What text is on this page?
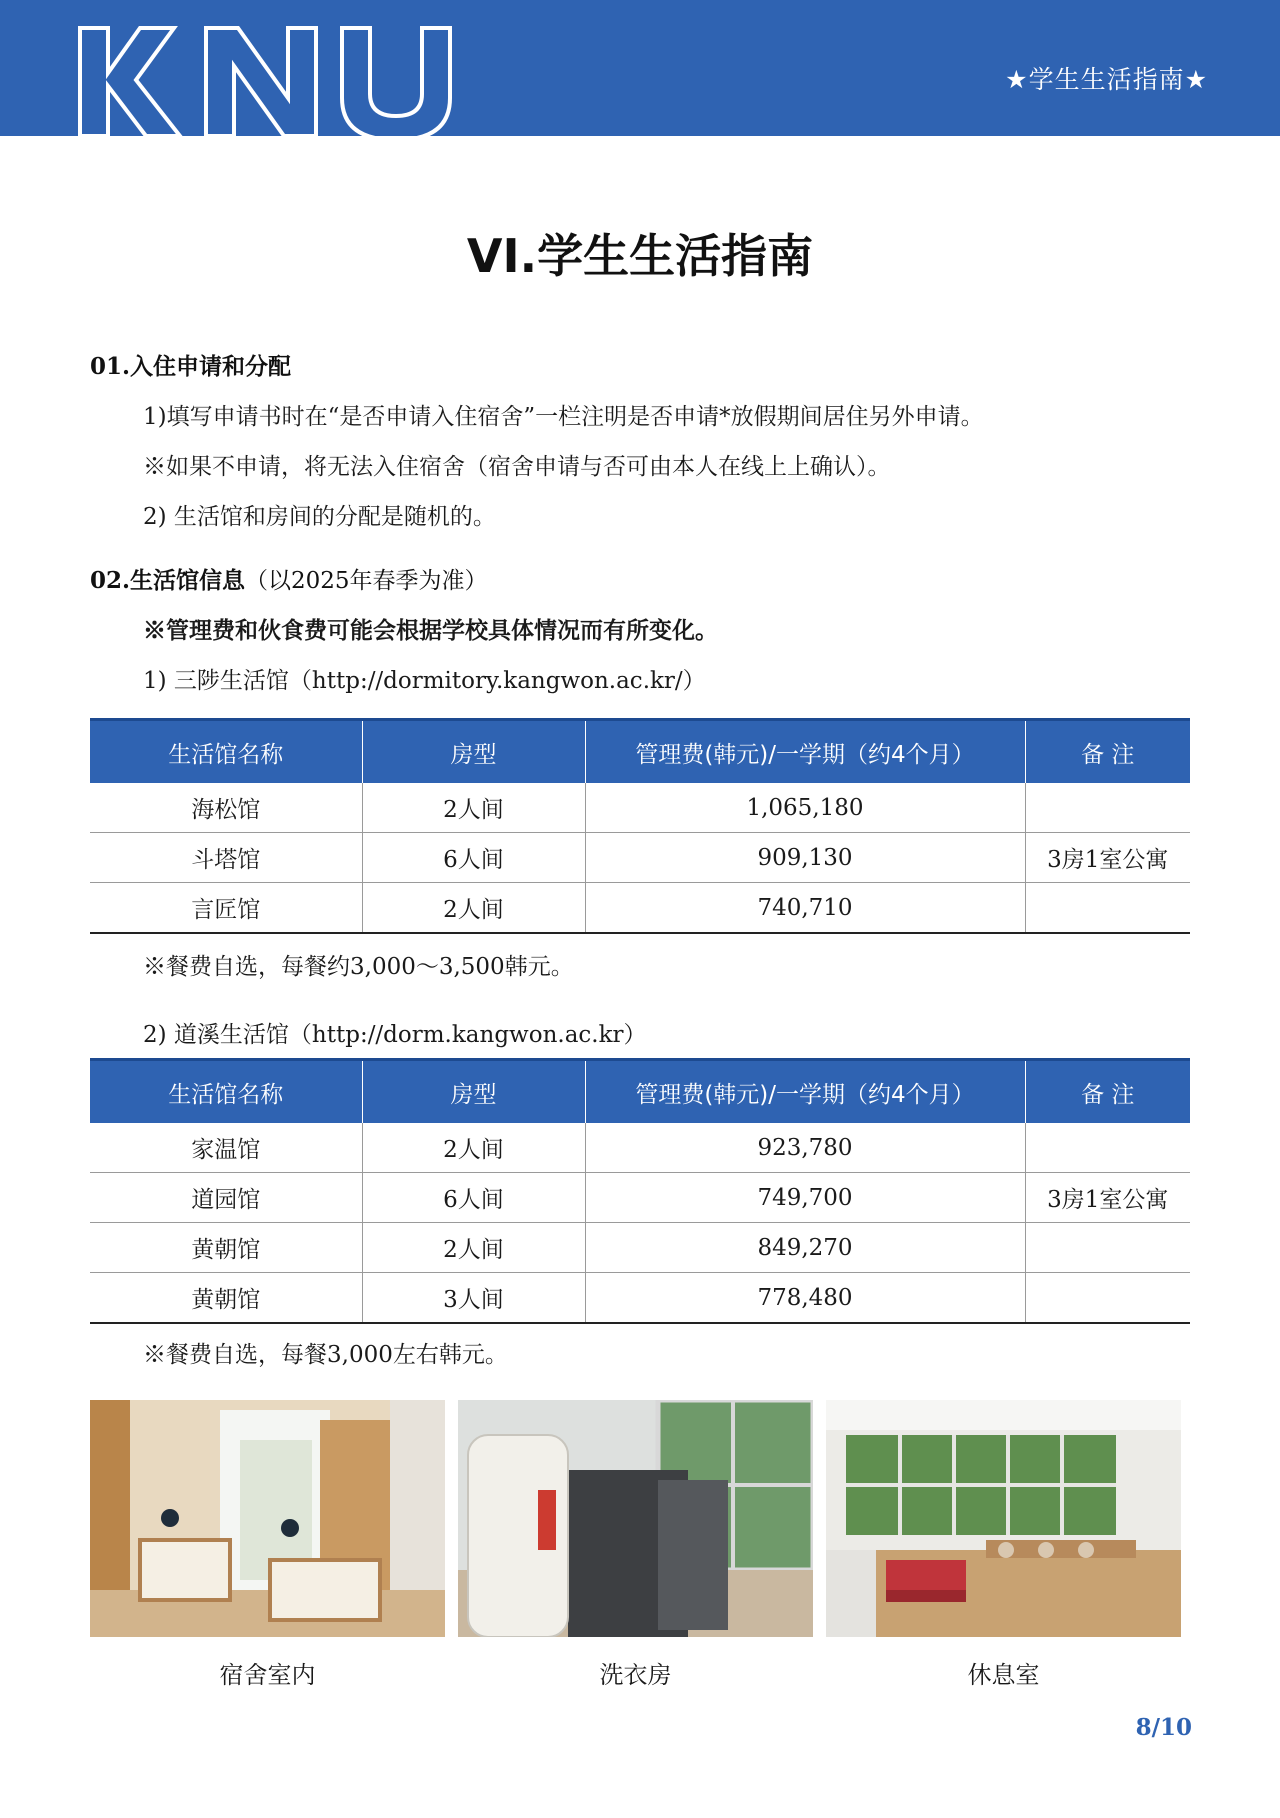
★学生生活指南★
VI.学生生活指南
01.入住申请和分配
1)填写申请书时在“是否申请入住宿舍”一栏注明是否申请*放假期间居住另外申请。
※如果不申请，将无法入住宿舍（宿舍申请与否可由本人在线上上确认）。
2) 生活馆和房间的分配是随机的。
02.生活馆信息（以2025年春季为准）
※管理费和伙食费可能会根据学校具体情况而有所变化。
1) 三陟生活馆（http://dormitory.kangwon.ac.kr/）
生活馆名称	房型	管理费(韩元)/一学期（约4个月）	备 注
海松馆	2人间	1,065,180	
斗塔馆	6人间	909,130	3房1室公寓
言匠馆	2人间	740,710	
※餐费自选，每餐约3,000～3,500韩元。
2) 道溪生活馆（http://dorm.kangwon.ac.kr）
生活馆名称	房型	管理费(韩元)/一学期（约4个月）	备 注
家温馆	2人间	923,780	
道园馆	6人间	749,700	3房1室公寓
黄朝馆	2人间	849,270	
黄朝馆	3人间	778,480	
※餐费自选，每餐3,000左右韩元。
宿舍室内	洗衣房	休息室
8/10
